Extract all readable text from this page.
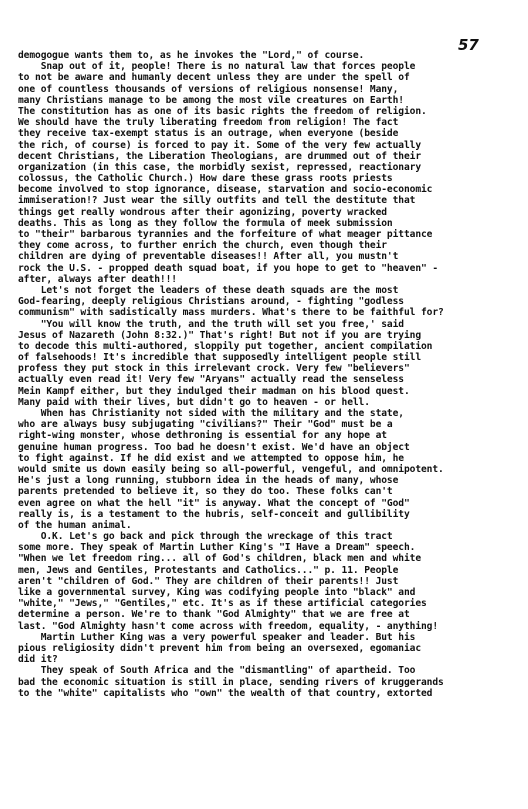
57
demogogue wants them to, as he invokes the "Lord," of course.
Snap out of it, people! There is no natural law that forces people
to not be aware and humanly decent unless they are under the spell of
one of countless thousands of versions of religious nonsense! Many,
many Christians manage to be among the most vile creatures on Earth!
The constitution has as one of its basic rights the freedom of religion.
We should have the truly liberating freedom from religion! The fact
they receive tax-exempt status is an outrage, when everyone (beside
the rich, of course) is forced to pay it. Some of the very few actually
decent Christians, the Liberation Theologians, are drummed out of their
organization (in this case, the morbidly sexist, repressed, reactionary
colossus, the Catholic Church.) How dare these grass roots priests
become involved to stop ignorance, disease, starvation and socio-economic
immiseration!? Just wear the silly outfits and tell the destitute that
things get really wondrous after their agonizing, poverty wracked
deaths. This as long as they follow the formula of meek submission
to "their" barbarous tyrannies and the forfeiture of what meager pittance
they come across, to further enrich the church, even though their
children are dying of preventable diseases!! After all, you mustn't
rock the U.S. - propped death squad boat, if you hope to get to "heaven" -
after, always after death!!!
Let's not forget the leaders of these death squads are the most
God-fearing, deeply religious Christians around, - fighting "godless
communism" with sadistically mass murders. What's there to be faithful for?
"You will know the truth, and the truth will set you free,' said
Jesus of Nazareth (John 8:32.)" That's right! But not if you are trying
to decode this multi-authored, sloppily put together, ancient compilation
of falsehoods! It's incredible that supposedly intelligent people still
profess they put stock in this irrelevant crock. Very few "believers"
actually even read it! Very few "Aryans" actually read the senseless
Mein Kampf either, but they indulged their madman on his blood quest.
Many paid with their lives, but didn't go to heaven - or hell.
When has Christianity not sided with the military and the state,
who are always busy subjugating "civilians?" Their "God" must be a
right-wing monster, whose dethroning is essential for any hope at
genuine human progress. Too bad he doesn't exist. We'd have an object
to fight against. If he did exist and we attempted to oppose him, he
would smite us down easily being so all-powerful, vengeful, and omnipotent.
He's just a long running, stubborn idea in the heads of many, whose
parents pretended to believe it, so they do too. These folks can't
even agree on what the hell "it" is anyway. What the concept of "God"
really is, is a testament to the hubris, self-conceit and gullibility
of the human animal.
O.K. Let's go back and pick through the wreckage of this tract
some more. They speak of Martin Luther King's "I Have a Dream" speech.
"When we let freedom ring... all of God's children, black men and white
men, Jews and Gentiles, Protestants and Catholics..." p. 11. People
aren't "children of God." They are children of their parents!! Just
like a governmental survey, King was codifying people into "black" and
"white," "Jews," "Gentiles," etc. It's as if these artificial categories
determine a person. We're to thank "God Almighty" that we are free at
last. "God Almighty hasn't come across with freedom, equality, - anything!
Martin Luther King was a very powerful speaker and leader. But his
pious religiosity didn't prevent him from being an oversexed, egomaniac
did it?
They speak of South Africa and the "dismantling" of apartheid. Too
bad the economic situation is still in place, sending rivers of kruggerands
to the "white" capitalists who "own" the wealth of that country, extorted
